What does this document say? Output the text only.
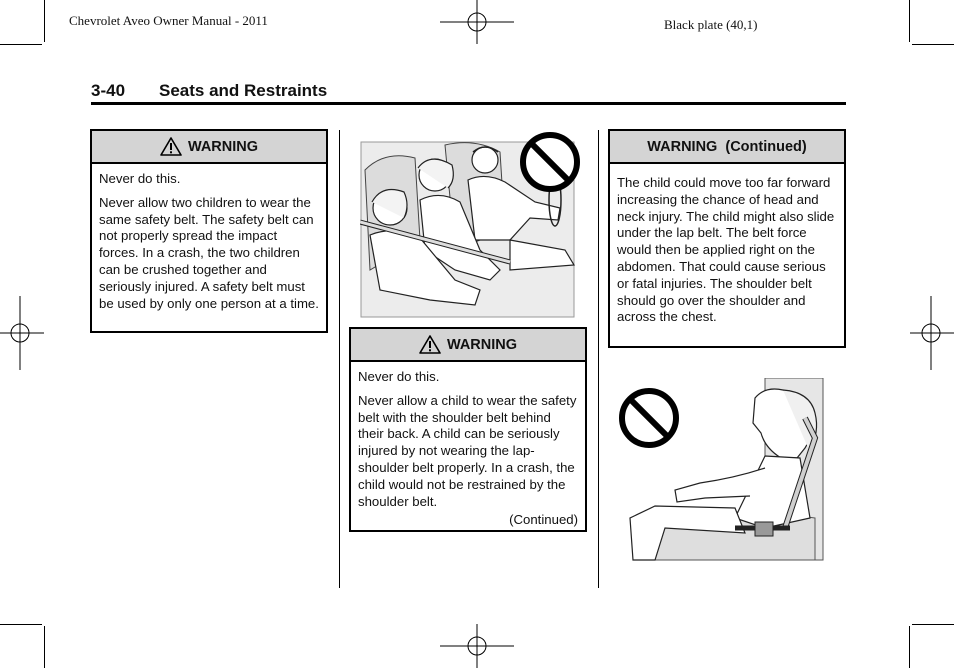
Chevrolet Aveo Owner Manual - 2011	Black plate (40,1)
3-40 Seats and Restraints
WARNING

Never do this.

Never allow two children to wear the same safety belt. The safety belt can not properly spread the impact forces. In a crash, the two children can be crushed together and seriously injured. A safety belt must be used by only one person at a time.

WARNING

Never do this.

Never allow a child to wear the safety belt with the shoulder belt behind their back. A child can be seriously injured by not wearing the lap-shoulder belt properly. In a crash, the child would not be restrained by the shoulder belt.

(Continued)
WARNING  (Continued)

The child could move too far forward increasing the chance of head and neck injury. The child might also slide under the lap belt. The belt force would then be applied right on the abdomen. That could cause serious or fatal injuries. The shoulder belt should go over the shoulder and across the chest.
